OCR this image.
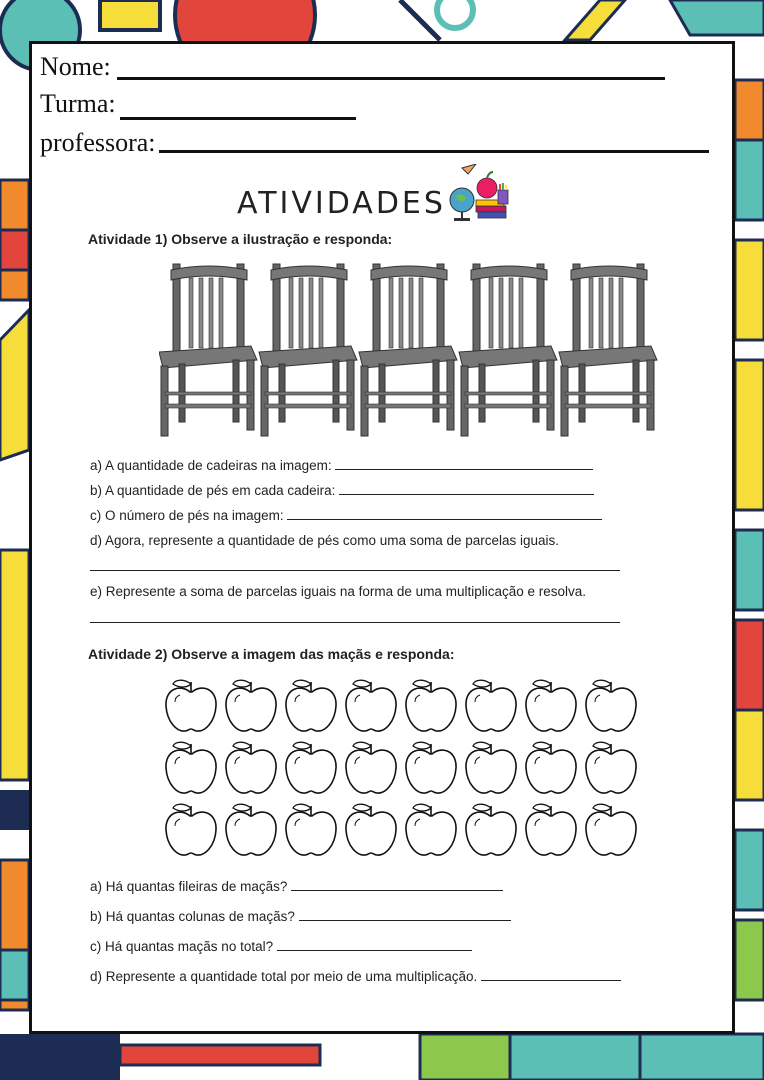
Nome:
Turma:
professora:
ATIVIDADES
Atividade 1) Observe a ilustração e responda:
a) A quantidade de cadeiras na imagem:
b) A quantidade de pés em cada cadeira:
c) O número de pés na imagem:
d) Agora, represente a quantidade de pés como uma soma de parcelas iguais.
e) Represente a soma de parcelas iguais na forma de uma multiplicação e resolva.
Atividade 2) Observe a imagem das maçãs e responda:
a) Há quantas fileiras de maçãs?
b) Há quantas colunas de maçãs?
c) Há quantas maçãs no total?
d) Represente a quantidade total por meio de uma multiplicação.
